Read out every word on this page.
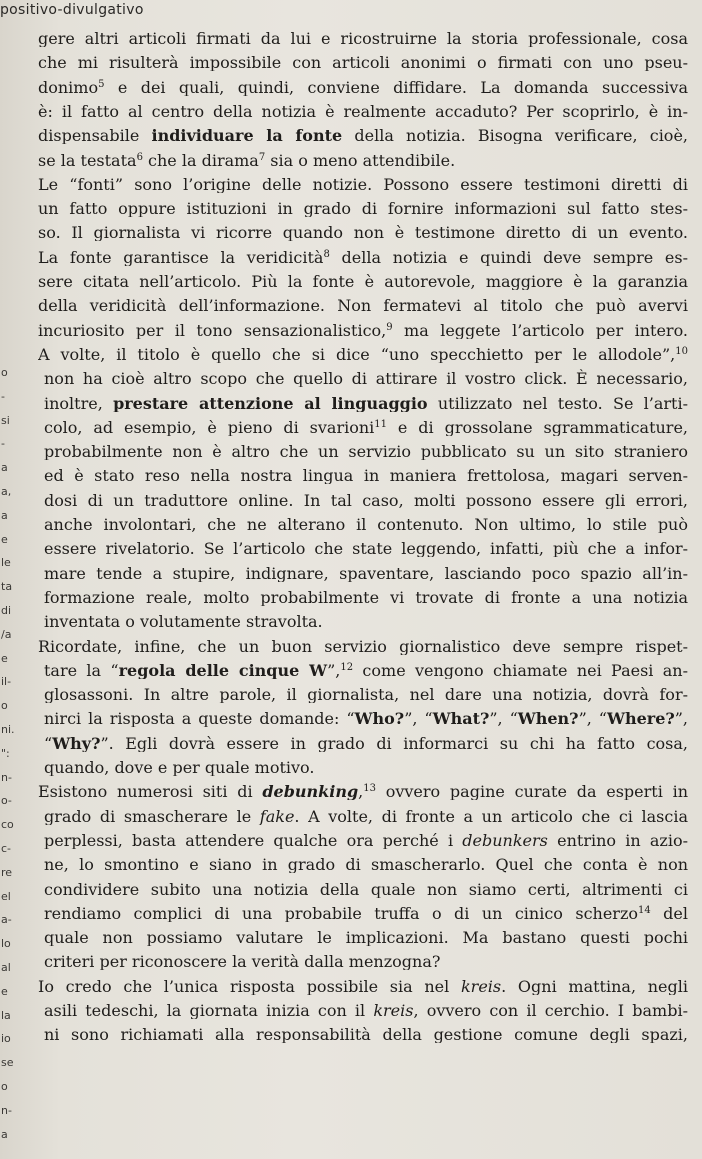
positivo-divulgativo
o
-
si
-
a
a,
a
e
le
ta
di
/a
e
il-
o
ni.
":
n-
o-
co
c-
re
el
a-
lo
al
e
la
io
se
o
n-
a
gere altri articoli firmati da lui e ricostruirne la storia professionale, cosa
che mi risulterà impossibile con articoli anonimi o firmati con uno pseu-
donimo$^5$ e dei quali, quindi, conviene diffidare. La domanda successiva
è: il fatto al centro della notizia è realmente accaduto? Per scoprirlo, è in-
dispensabile individuare la fonte della notizia. Bisogna verificare, cioè,
se la testata$^6$ che la dirama$^7$ sia o meno attendibile.
Le “fonti” sono l’origine delle notizie. Possono essere testimoni diretti di
un fatto oppure istituzioni in grado di fornire informazioni sul fatto stes-
so. Il giornalista vi ricorre quando non è testimone diretto di un evento.
La fonte garantisce la veridicità$^8$ della notizia e quindi deve sempre es-
sere citata nell’articolo. Più la fonte è autorevole, maggiore è la garanzia
della veridicità dell’informazione. Non fermatevi al titolo che può avervi
incuriosito per il tono sensazionalistico,$^9$ ma leggete l’articolo per intero.
A volte, il titolo è quello che si dice “uno specchietto per le allodole”,$^{10}$
non ha cioè altro scopo che quello di attirare il vostro click. È necessario,
inoltre, prestare attenzione al linguaggio utilizzato nel testo. Se l’arti-
colo, ad esempio, è pieno di svarioni$^{11}$ e di grossolane sgrammaticature,
probabilmente non è altro che un servizio pubblicato su un sito straniero
ed è stato reso nella nostra lingua in maniera frettolosa, magari serven-
dosi di un traduttore online. In tal caso, molti possono essere gli errori,
anche involontari, che ne alterano il contenuto. Non ultimo, lo stile può
essere rivelatorio. Se l’articolo che state leggendo, infatti, più che a infor-
mare tende a stupire, indignare, spaventare, lasciando poco spazio all’in-
formazione reale, molto probabilmente vi trovate di fronte a una notizia
inventata o volutamente stravolta.
Ricordate, infine, che un buon servizio giornalistico deve sempre rispet-
tare la “regola delle cinque W”,$^{12}$ come vengono chiamate nei Paesi an-
glosassoni. In altre parole, il giornalista, nel dare una notizia, dovrà for-
nirci la risposta a queste domande: “Who?”, “What?”, “When?”, “Where?”,
“Why?”. Egli dovrà essere in grado di informarci su chi ha fatto cosa,
quando, dove e per quale motivo.
Esistono numerosi siti di debunking,$^{13}$ ovvero pagine curate da esperti in
grado di smascherare le fake. A volte, di fronte a un articolo che ci lascia
perplessi, basta attendere qualche ora perché i debunkers entrino in azio-
ne, lo smontino e siano in grado di smascherarlo. Quel che conta è non
condividere subito una notizia della quale non siamo certi, altrimenti ci
rendiamo complici di una probabile truffa o di un cinico scherzo$^{14}$ del
quale non possiamo valutare le implicazioni. Ma bastano questi pochi
criteri per riconoscere la verità dalla menzogna?
Io credo che l’unica risposta possibile sia nel kreis. Ogni mattina, negli
asili tedeschi, la giornata inizia con il kreis, ovvero con il cerchio. I bambi-
ni sono richiamati alla responsabilità della gestione comune degli spazi,
